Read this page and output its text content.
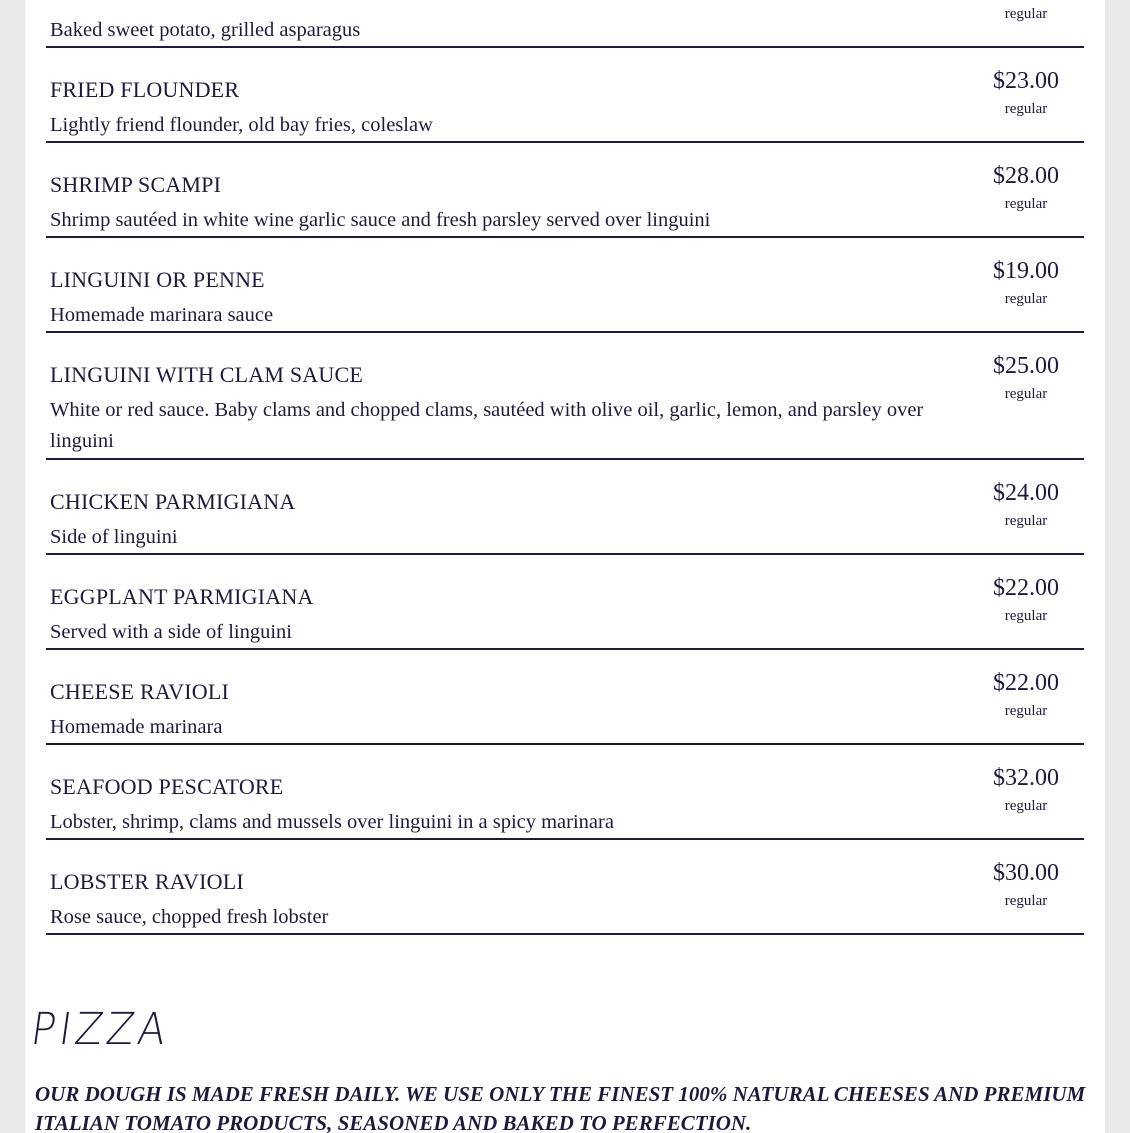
Baked sweet potato, grilled asparagus
regular
FRIED FLOUNDER
Lightly friend flounder, old bay fries, coleslaw
$23.00
regular
SHRIMP SCAMPI
Shrimp sautéed in white wine garlic sauce and fresh parsley served over linguini
$28.00
regular
LINGUINI OR PENNE
Homemade marinara sauce
$19.00
regular
LINGUINI WITH CLAM SAUCE
White or red sauce. Baby clams and chopped clams, sautéed with olive oil, garlic, lemon, and parsley over linguini
$25.00
regular
CHICKEN PARMIGIANA
Side of linguini
$24.00
regular
EGGPLANT PARMIGIANA
Served with a side of linguini
$22.00
regular
CHEESE RAVIOLI
Homemade marinara
$22.00
regular
SEAFOOD PESCATORE
Lobster, shrimp, clams and mussels over linguini in a spicy marinara
$32.00
regular
LOBSTER RAVIOLI
Rose sauce, chopped fresh lobster
$30.00
regular
PIZZA
OUR DOUGH IS MADE FRESH DAILY. WE USE ONLY THE FINEST 100% NATURAL CHEESES AND PREMIUM ITALIAN TOMATO PRODUCTS, SEASONED AND BAKED TO PERFECTION.
